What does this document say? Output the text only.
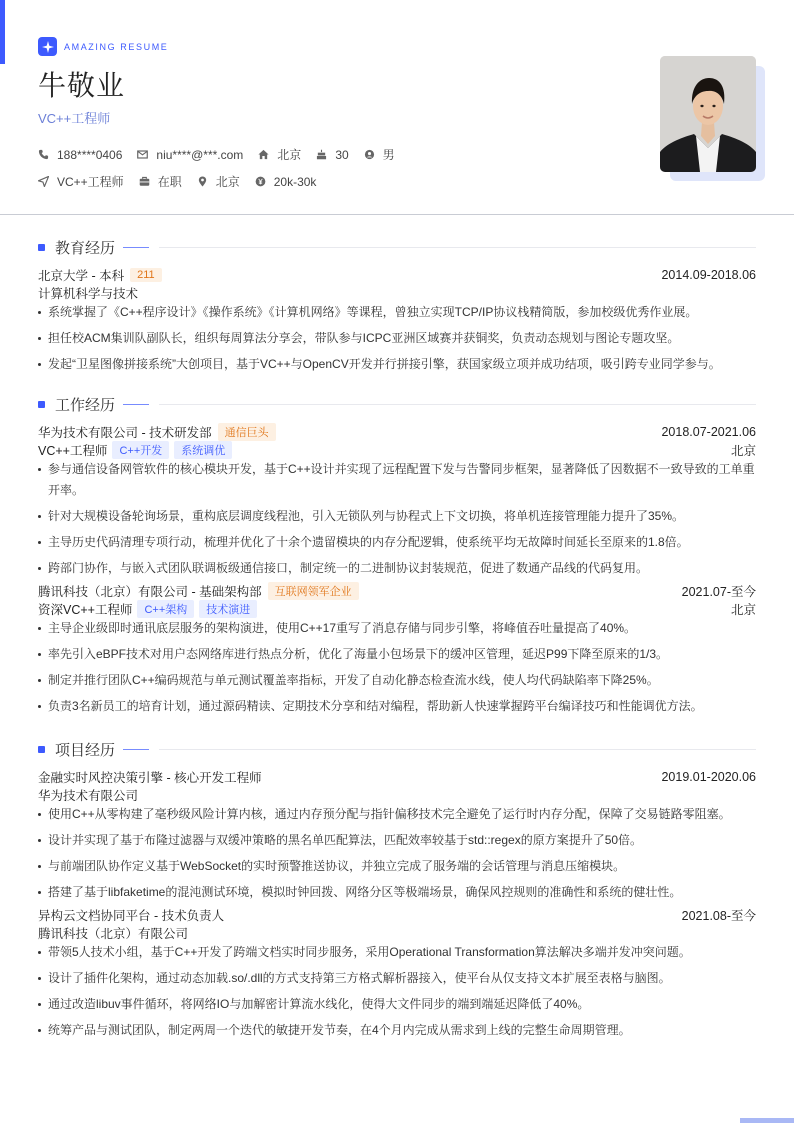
AMAZING RESUME
牛敬业
VC++工程师
188****0406	niu****@***.com	北京	30	男
VC++工程师	在职	北京	20k-30k
教育经历
北京大学 - 本科	211	2014.09-2018.06
计算机科学与技术
系统掌握了《C++程序设计》《操作系统》《计算机网络》等课程，曾独立实现TCP/IP协议栈精简版，参加校级优秀作业展。
担任校ACM集训队副队长，组织每周算法分享会，带队参与ICPC亚洲区域赛并获铜奖，负责动态规划与图论专题攻坚。
发起“卫星图像拼接系统”大创项目，基于VC++与OpenCV开发并行拼接引擎，获国家级立项并成功结项，吸引跨专业同学参与。
工作经历
华为技术有限公司 - 技术研发部	通信巨头	2018.07-2021.06
VC++工程师	C++开发	系统调优	北京
参与通信设备网管软件的核心模块开发，基于C++设计并实现了远程配置下发与告警同步框架，显著降低了因数据不一致导致的工单重开率。
针对大规模设备轮询场景，重构底层调度线程池，引入无锁队列与协程式上下文切换，将单机连接管理能力提升了35%。
主导历史代码清理专项行动，梳理并优化了十余个遗留模块的内存分配逻辑，使系统平均无故障时间延长至原来的1.8倍。
跨部门协作，与嵌入式团队联调板级通信接口，制定统一的二进制协议封装规范，促进了数通产品线的代码复用。
腾讯科技（北京）有限公司 - 基础架构部	互联网领军企业	2021.07-至今
资深VC++工程师	C++架构	技术演进	北京
主导企业级即时通讯底层服务的架构演进，使用C++17重写了消息存储与同步引擎，将峰值吞吐量提高了40%。
率先引入eBPF技术对用户态网络库进行热点分析，优化了海量小包场景下的缓冲区管理，延迟P99下降至原来的1/3。
制定并推行团队C++编码规范与单元测试覆盖率指标，开发了自动化静态检查流水线，使人均代码缺陷率下降25%。
负责3名新员工的培育计划，通过源码精读、定期技术分享和结对编程，帮助新人快速掌握跨平台编译技巧和性能调优方法。
项目经历
金融实时风控决策引擎 - 核心开发工程师	2019.01-2020.06
华为技术有限公司
使用C++从零构建了毫秒级风险计算内核，通过内存预分配与指针偏移技术完全避免了运行时内存分配，保障了交易链路零阻塞。
设计并实现了基于布隆过滤器与双缓冲策略的黑名单匹配算法，匹配效率较基于std::regex的原方案提升了50倍。
与前端团队协作定义基于WebSocket的实时预警推送协议，并独立完成了服务端的会话管理与消息压缩模块。
搭建了基于libfaketime的混沌测试环境，模拟时钟回拨、网络分区等极端场景，确保风控规则的准确性和系统的健壮性。
异构云文档协同平台 - 技术负责人	2021.08-至今
腾讯科技（北京）有限公司
带领5人技术小组，基于C++开发了跨端文档实时同步服务，采用Operational Transformation算法解决多端并发冲突问题。
设计了插件化架构，通过动态加载.so/.dll的方式支持第三方格式解析器接入，使平台从仅支持文本扩展至表格与脑图。
通过改造libuv事件循环，将网络IO与加解密计算流水线化，使得大文件同步的端到端延迟降低了40%。
统筹产品与测试团队，制定两周一个迭代的敏捷开发节奏，在4个月内完成从需求到上线的完整生命周期管理。
